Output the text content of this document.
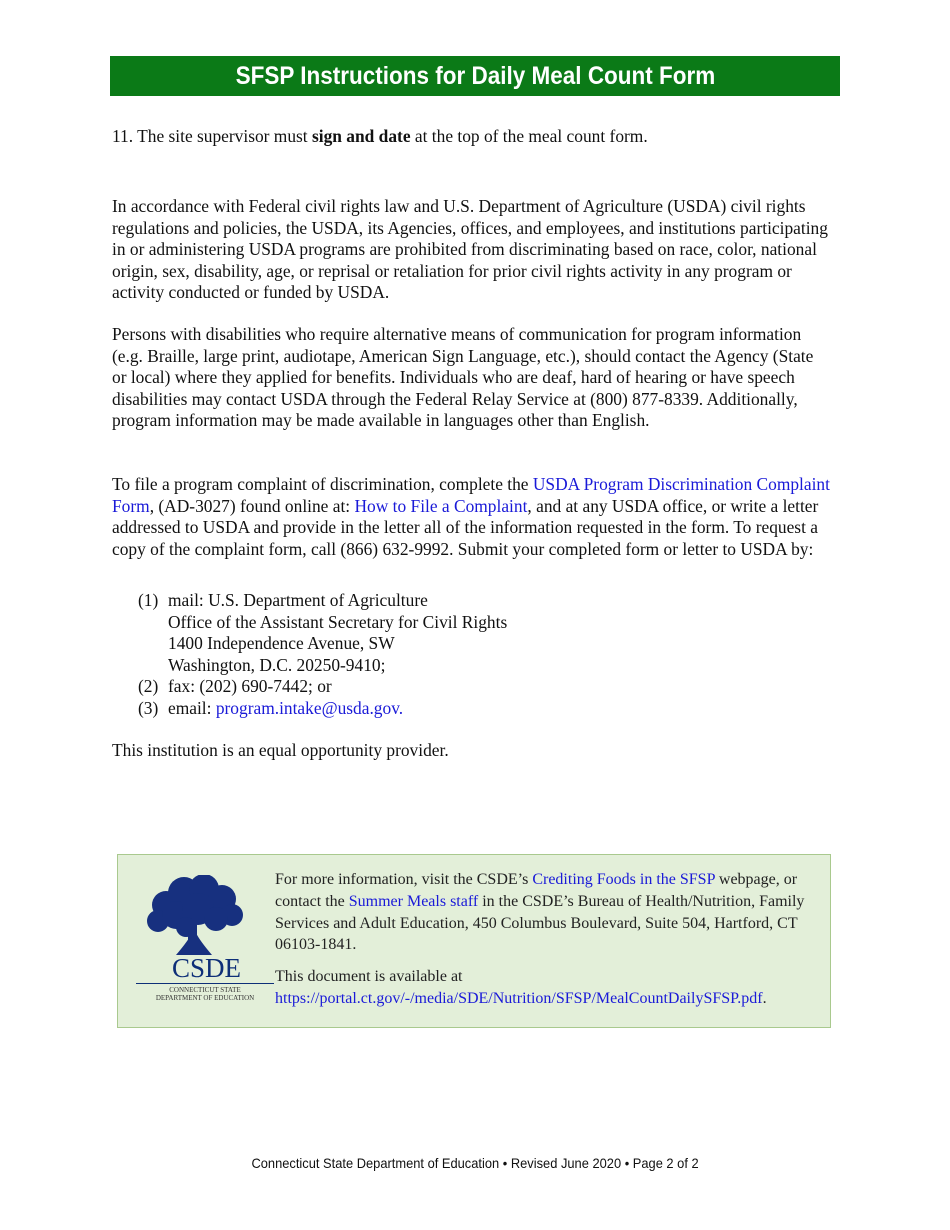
SFSP Instructions for Daily Meal Count Form

11. The site supervisor must sign and date at the top of the meal count form.

In accordance with Federal civil rights law and U.S. Department of Agriculture (USDA) civil rights regulations and policies, the USDA, its Agencies, offices, and employees, and institutions participating in or administering USDA programs are prohibited from discriminating based on race, color, national origin, sex, disability, age, or reprisal or retaliation for prior civil rights activity in any program or activity conducted or funded by USDA.

Persons with disabilities who require alternative means of communication for program information (e.g. Braille, large print, audiotape, American Sign Language, etc.), should contact the Agency (State or local) where they applied for benefits. Individuals who are deaf, hard of hearing or have speech disabilities may contact USDA through the Federal Relay Service at (800) 877-8339. Additionally, program information may be made available in languages other than English.

To file a program complaint of discrimination, complete the USDA Program Discrimination Complaint Form, (AD-3027) found online at: How to File a Complaint, and at any USDA office, or write a letter addressed to USDA and provide in the letter all of the information requested in the form. To request a copy of the complaint form, call (866) 632-9992. Submit your completed form or letter to USDA by:

(1) mail: U.S. Department of Agriculture
Office of the Assistant Secretary for Civil Rights
1400 Independence Avenue, SW
Washington, D.C. 20250-9410;
(2) fax: (202) 690-7442; or
(3) email: program.intake@usda.gov.

This institution is an equal opportunity provider.

CSDE
CONNECTICUT STATE
DEPARTMENT OF EDUCATION

For more information, visit the CSDE’s Crediting Foods in the SFSP webpage, or contact the Summer Meals staff in the CSDE’s Bureau of Health/Nutrition, Family Services and Adult Education, 450 Columbus Boulevard, Suite 504, Hartford, CT 06103-1841.

This document is available at https://portal.ct.gov/-/media/SDE/Nutrition/SFSP/MealCountDailySFSP.pdf.

Connecticut State Department of Education • Revised June 2020 • Page 2 of 2
